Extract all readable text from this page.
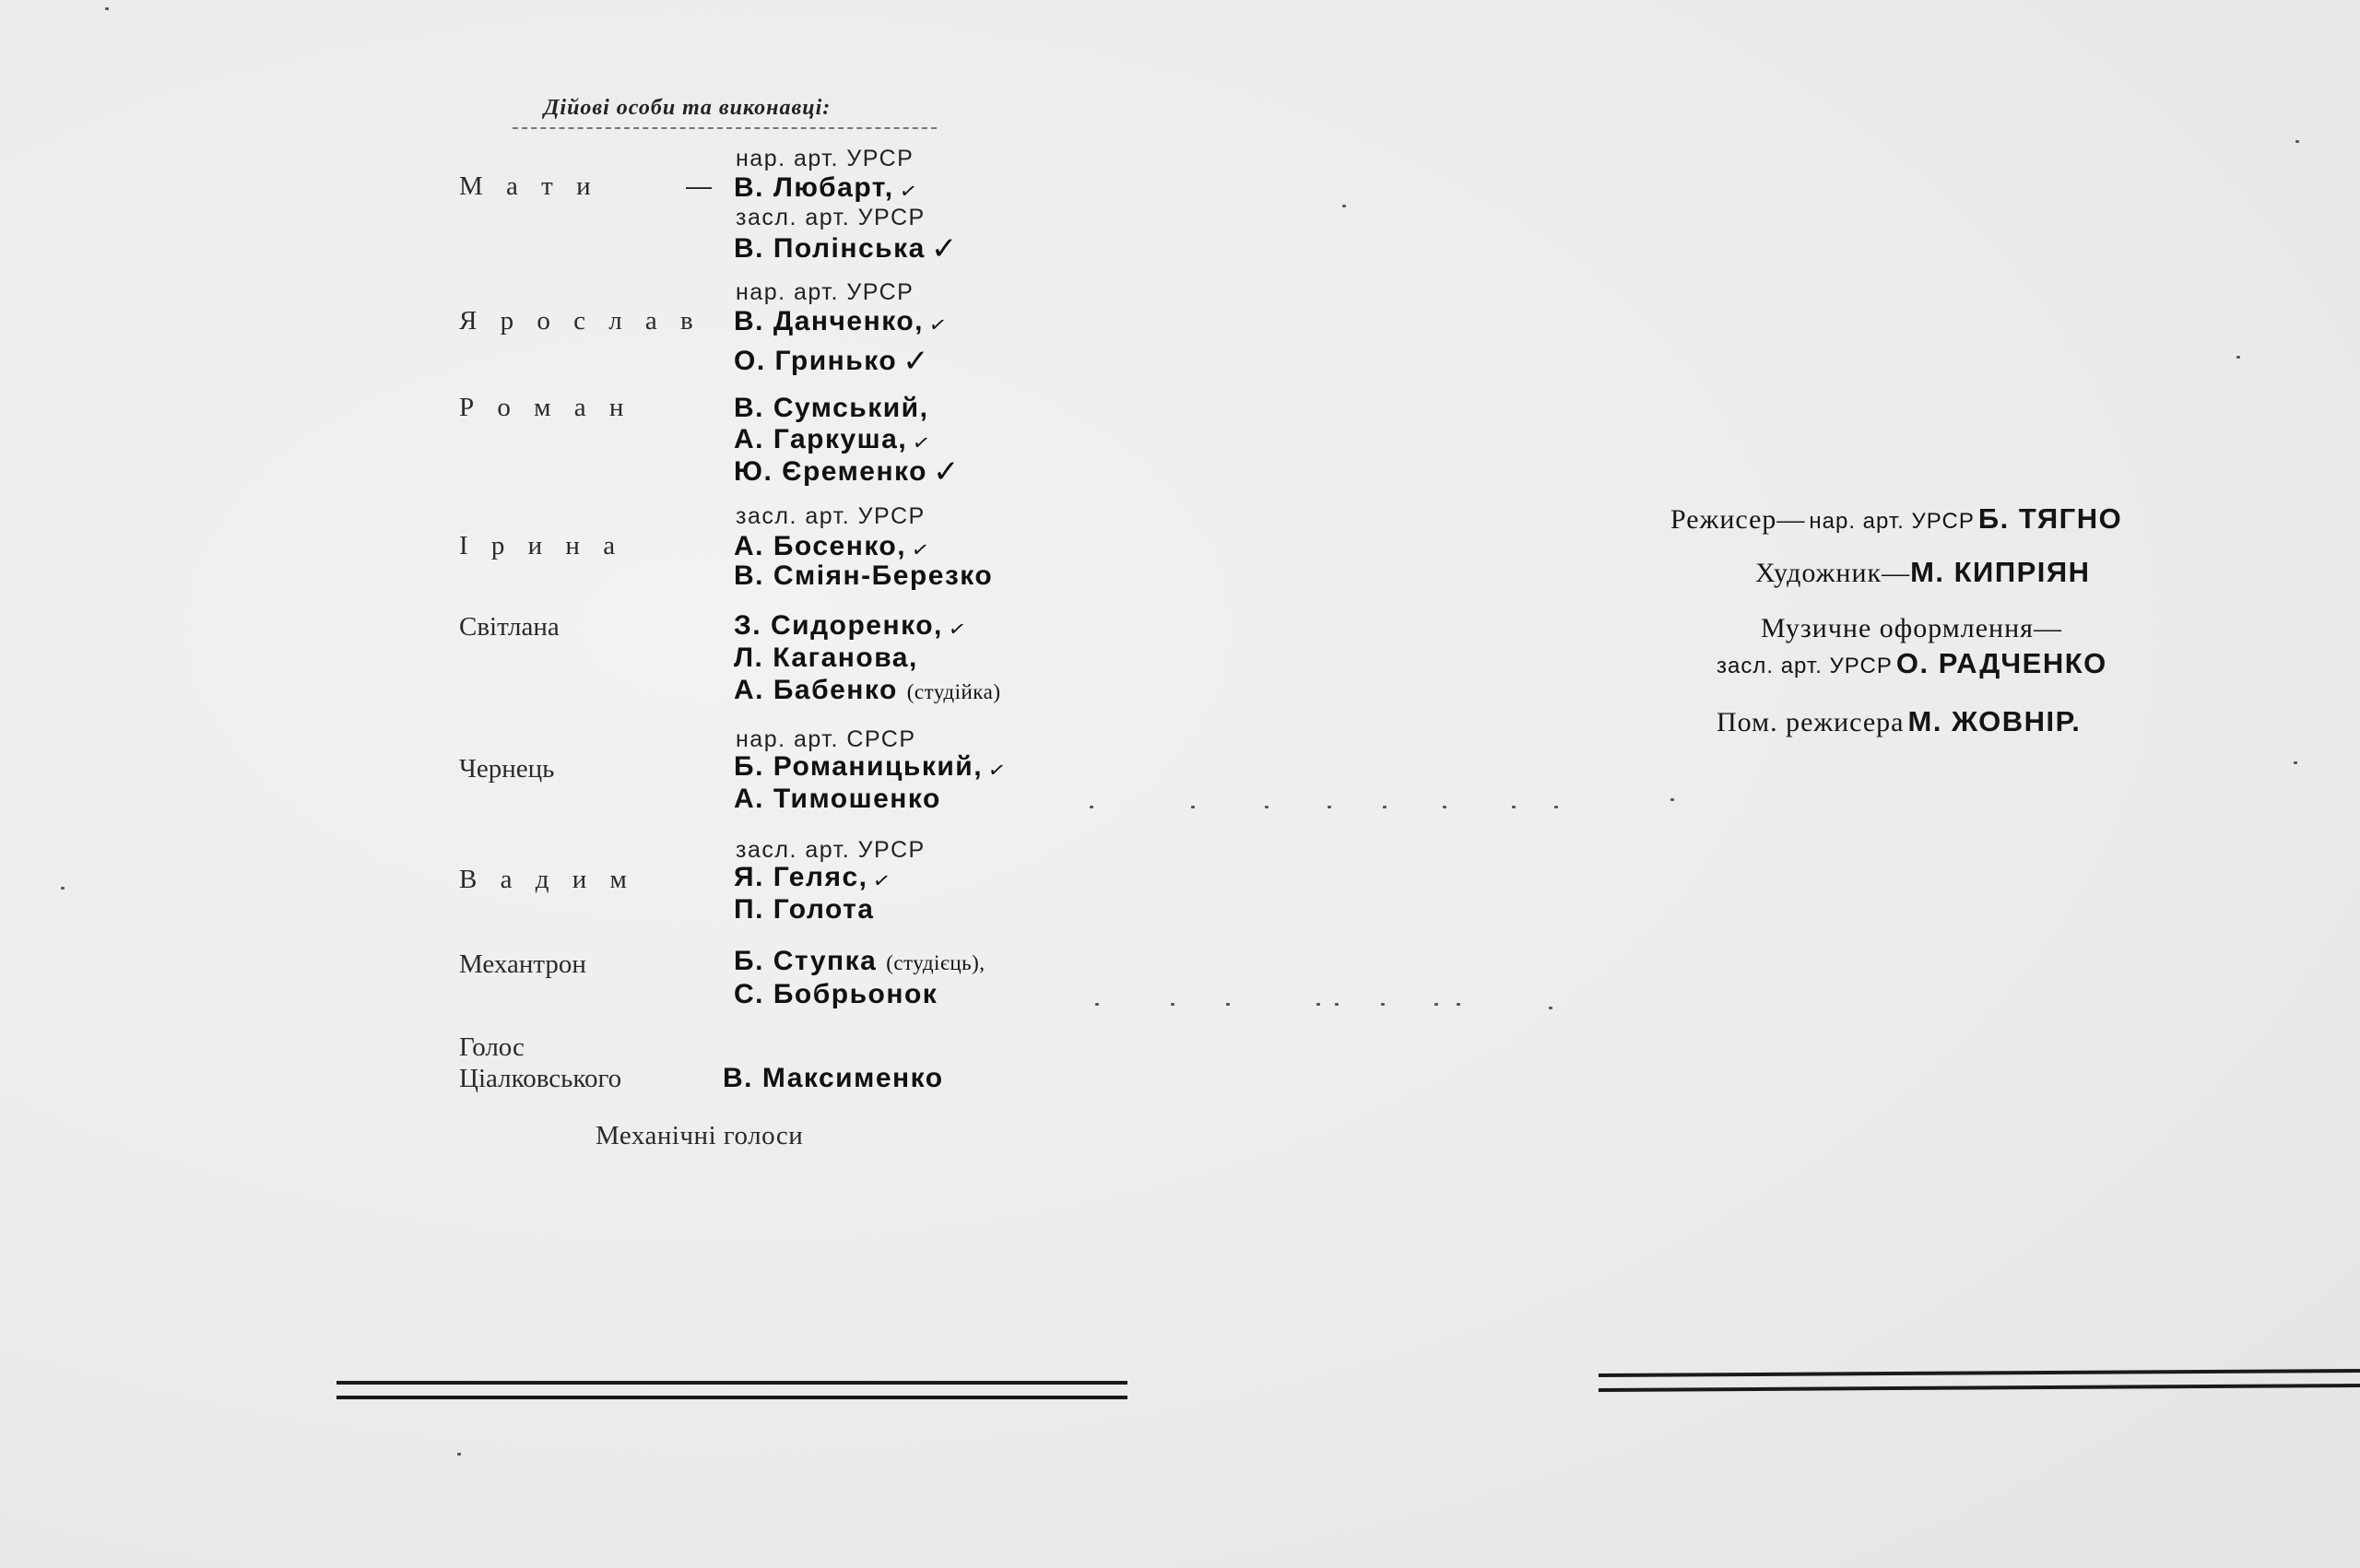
Дійові особи та виконавці:
нар. арт. УРСР
М а т и	— В. Любарт, ✓
засл. арт. УРСР
В. Полінська ✓
нар. арт. УРСР
Я р о с л а в В. Данченко, ✓
О. Гринько ✓
Р о м а н	В. Сумський,
А. Гаркуша, ✓
Ю. Єременко ✓
засл. арт. УРСР
І р и н а	А. Босенко, ✓
В. Сміян-Березко
Світлана	З. Сидоренко, ✓
Л. Каганова,
А. Бабенко (студійка)
нар. арт. СРСР
Чернець	Б. Романицький, ✓
А. Тимошенко
засл. арт. УРСР
В а д и м	Я. Геляс, ✓
П. Голота
Механтрон	Б. Ступка (студієць),
С. Бобрьонок
Голос
Ціалковського	В. Максименко
Механічні голоси
Режисер— нар. арт. УРСР Б. ТЯГНО
Художник—М. КИПРІЯН
Музичне оформлення—
засл. арт. УРСР О. РАДЧЕНКО
Пом. режисера М. ЖОВНІР.
